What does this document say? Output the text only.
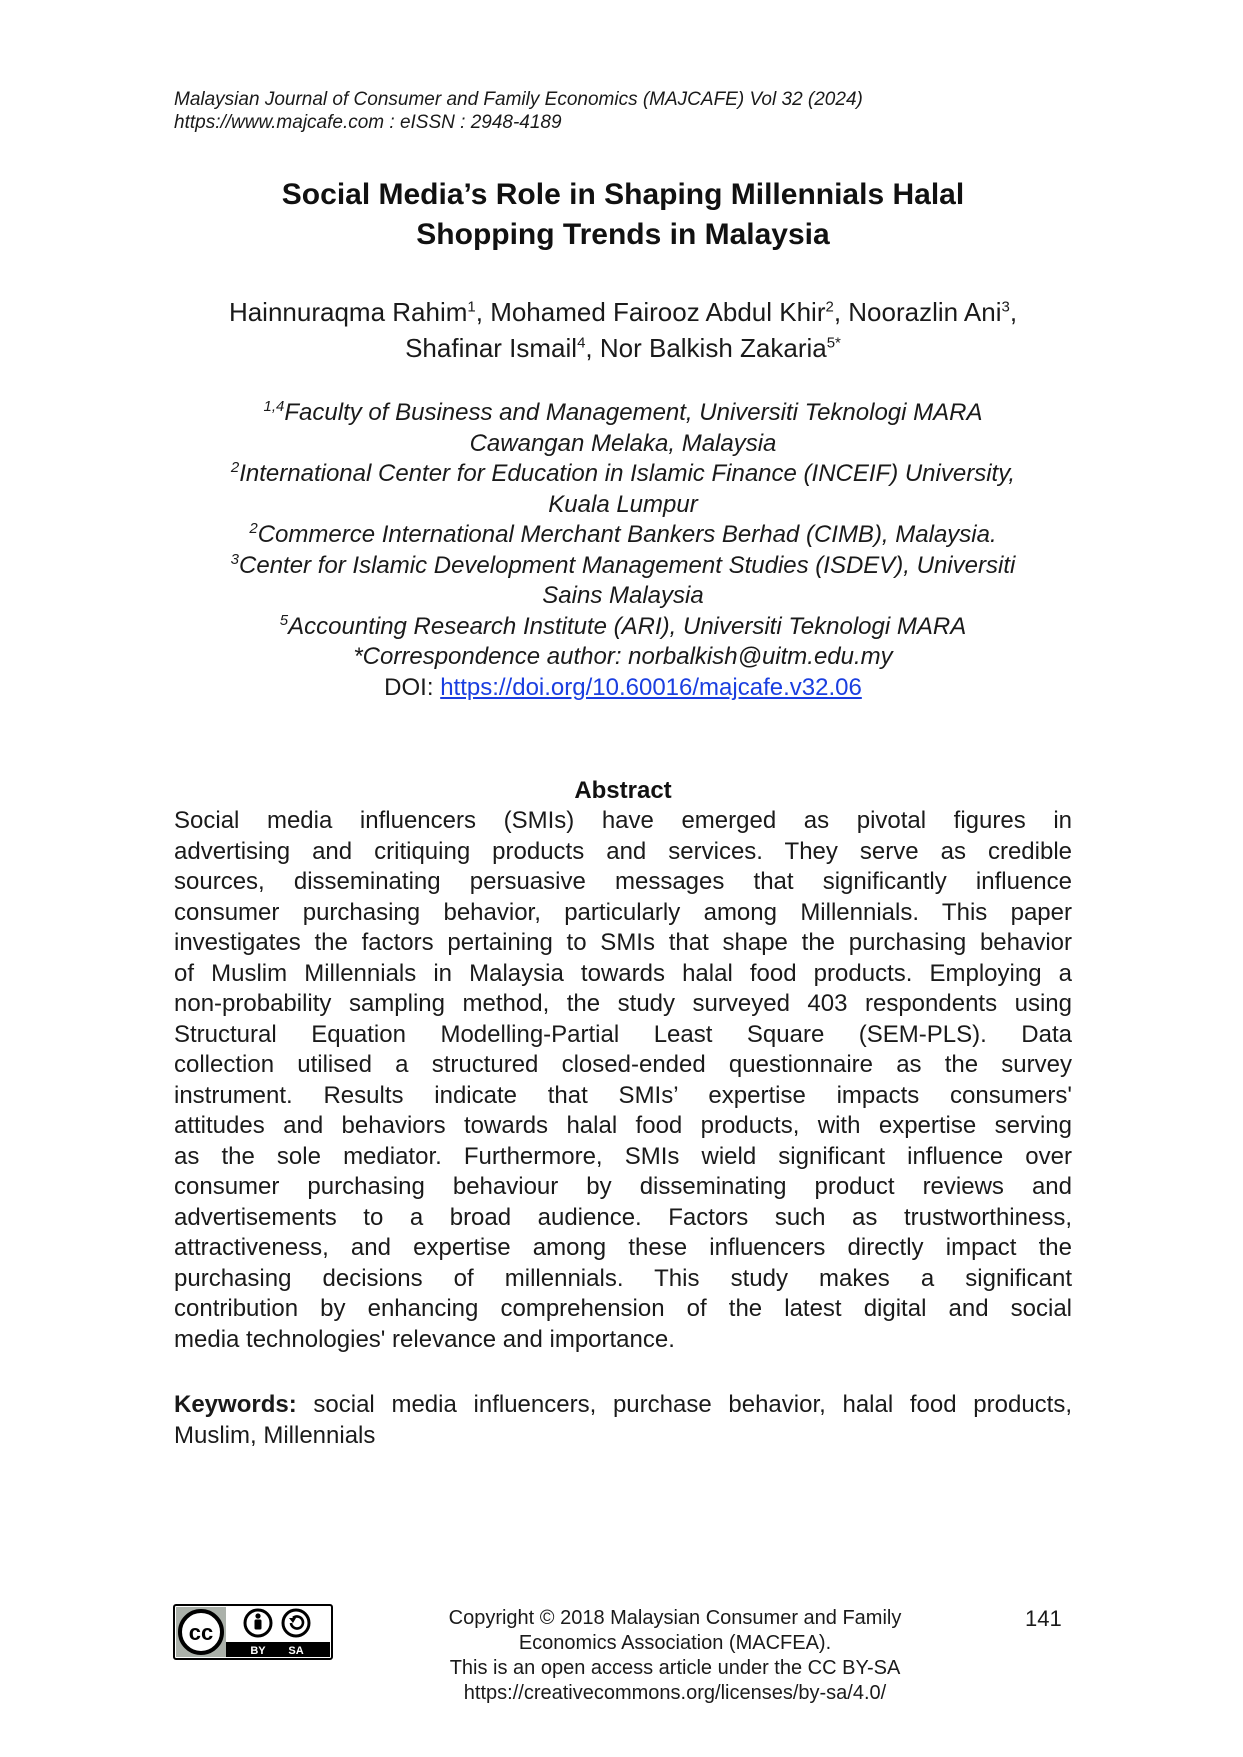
Malaysian Journal of Consumer and Family Economics (MAJCAFE) Vol 32 (2024)
https://www.majcafe.com : eISSN : 2948-4189
Social Media’s Role in Shaping Millennials Halal
Shopping Trends in Malaysia
Hainnuraqma Rahim$^1$, Mohamed Fairooz Abdul Khir$^2$, Noorazlin Ani$^3$,
Shafinar Ismail$^4$, Nor Balkish Zakaria$^{5*}$
$^{1,4}$Faculty of Business and Management, Universiti Teknologi MARA
Cawangan Melaka, Malaysia
$^2$International Center for Education in Islamic Finance (INCEIF) University,
Kuala Lumpur
$^2$Commerce International Merchant Bankers Berhad (CIMB), Malaysia.
$^3$Center for Islamic Development Management Studies (ISDEV), Universiti
Sains Malaysia
$^5$Accounting Research Institute (ARI), Universiti Teknologi MARA
*Correspondence author: norbalkish@uitm.edu.my
DOI: https://doi.org/10.60016/majcafe.v32.06
Abstract
Social media influencers (SMIs) have emerged as pivotal figures in
advertising and critiquing products and services. They serve as credible
sources, disseminating persuasive messages that significantly influence
consumer purchasing behavior, particularly among Millennials. This paper
investigates the factors pertaining to SMIs that shape the purchasing behavior
of Muslim Millennials in Malaysia towards halal food products. Employing a
non-probability sampling method, the study surveyed 403 respondents using
Structural Equation Modelling-Partial Least Square (SEM-PLS). Data
collection utilised a structured closed-ended questionnaire as the survey
instrument. Results indicate that SMIs’ expertise impacts consumers'
attitudes and behaviors towards halal food products, with expertise serving
as the sole mediator. Furthermore, SMIs wield significant influence over
consumer purchasing behaviour by disseminating product reviews and
advertisements to a broad audience. Factors such as trustworthiness,
attractiveness, and expertise among these influencers directly impact the
purchasing decisions of millennials. This study makes a significant
contribution by enhancing comprehension of the latest digital and social
media technologies' relevance and importance.
Keywords: social media influencers, purchase behavior, halal food products,
Muslim, Millennials
cc
BY SA
Copyright © 2018 Malaysian Consumer and Family
Economics Association (MACFEA).
This is an open access article under the CC BY-SA
https://creativecommons.org/licenses/by-sa/4.0/
141
